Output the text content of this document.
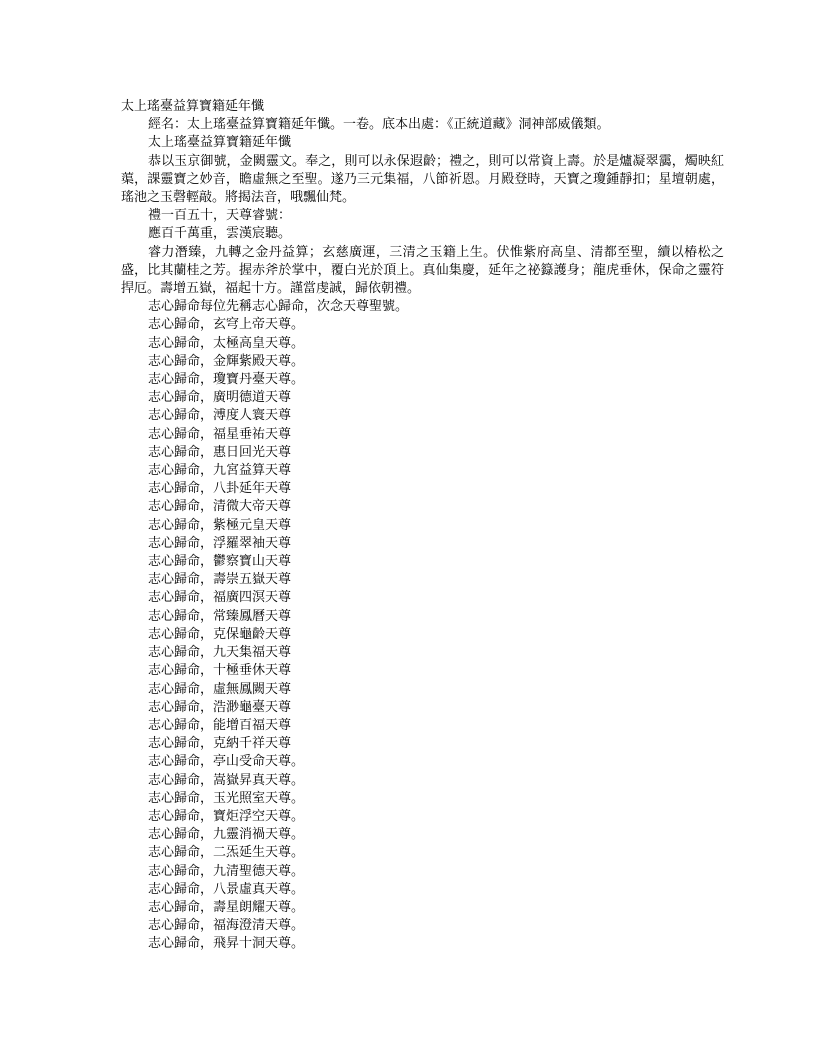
太上瑤臺益算寶籍延年懺
經名：太上瑤臺益算寶籍延年懺。一卷。底本出處：《正統道藏》洞神部威儀類。
太上瑤臺益算寶籍延年懺
恭以玉京御號，金闕靈文。奉之，則可以永保遐齡；禮之，則可以常資上壽。於是爐凝翠靄，燭映紅蕖，課靈寶之妙音，瞻虛無之至聖。遂乃三元集福，八節祈恩。月殿登時，天寶之瓊鍾靜扣；星壇朝處，瑤池之玉磬輕敲。將揭法音，哦飄仙梵。
禮一百五十，天尊睿號：
應百千萬重，雲漢宸聽。
睿力潛臻，九轉之金丹益算；玄慈廣運，三清之玉籍上生。伏惟紫府高皇、清都至聖，續以椿松之盛，比其蘭桂之芳。握赤斧於掌中，覆白光於頂上。真仙集慶，延年之祕籙護身；龍虎垂休，保命之靈符捍厄。壽增五嶽，福起十方。謹當虔誠，歸依朝禮。
志心歸命每位先稱志心歸命，次念天尊聖號。
志心歸命，玄穹上帝天尊。
志心歸命，太極高皇天尊。
志心歸命，金輝紫殿天尊。
志心歸命，瓊寶丹臺天尊。
志心歸命，廣明德道天尊
志心歸命，溥度人寰天尊
志心歸命，福星垂祐天尊
志心歸命，惠日回光天尊
志心歸命，九宮益算天尊
志心歸命，八卦延年天尊
志心歸命，清微大帝天尊
志心歸命，紫極元皇天尊
志心歸命，浮羅翠袖天尊
志心歸命，鬱察寶山天尊
志心歸命，壽崇五嶽天尊
志心歸命，福廣四溟天尊
志心歸命，常臻鳳曆天尊
志心歸命，克保龜齡天尊
志心歸命，九天集福天尊
志心歸命，十極垂休天尊
志心歸命，虛無鳳闕天尊
志心歸命，浩渺龜臺天尊
志心歸命，能增百福天尊
志心歸命，克納千祥天尊
志心歸命，亭山受命天尊。
志心歸命，嵩嶽昇真天尊。
志心歸命，玉光照室天尊。
志心歸命，寶炬浮空天尊。
志心歸命，九靈消禍天尊。
志心歸命，二炁延生天尊。
志心歸命，九清聖德天尊。
志心歸命，八景虛真天尊。
志心歸命，壽星朗耀天尊。
志心歸命，福海澄清天尊。
志心歸命，飛昇十洞天尊。
